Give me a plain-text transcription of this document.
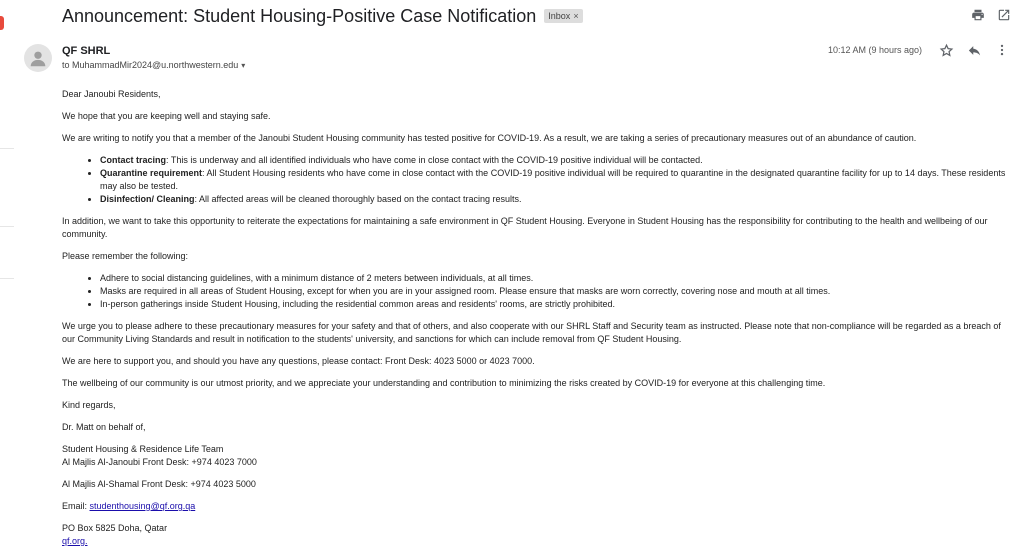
Announcement: Student Housing-Positive Case Notification Inbox ×
QF SHRL
to MuhammadMir2024@u.northwestern.edu ▾
10:12 AM (9 hours ago)

Dear Janoubi Residents,

We hope that you are keeping well and staying safe.

We are writing to notify you that a member of the Janoubi Student Housing community has tested positive for COVID-19. As a result, we are taking a series of precautionary measures out of an abundance of caution.

• Contact tracing: This is underway and all identified individuals who have come in close contact with the COVID-19 positive individual will be contacted.
• Quarantine requirement: All Student Housing residents who have come in close contact with the COVID-19 positive individual will be required to quarantine in the designated quarantine facility for up to 14 days. These residents may also be tested.
• Disinfection/ Cleaning: All affected areas will be cleaned thoroughly based on the contact tracing results.

In addition, we want to take this opportunity to reiterate the expectations for maintaining a safe environment in QF Student Housing. Everyone in Student Housing has the responsibility for contributing to the health and wellbeing of our community.

Please remember the following:

• Adhere to social distancing guidelines, with a minimum distance of 2 meters between individuals, at all times.
• Masks are required in all areas of Student Housing, except for when you are in your assigned room. Please ensure that masks are worn correctly, covering nose and mouth at all times.
• In-person gatherings inside Student Housing, including the residential common areas and residents' rooms, are strictly prohibited.

We urge you to please adhere to these precautionary measures for your safety and that of others, and also cooperate with our SHRL Staff and Security team as instructed. Please note that non-compliance will be regarded as a breach of our Community Living Standards and result in notification to the students' university, and sanctions for which can include removal from QF Student Housing.

We are here to support you, and should you have any questions, please contact: Front Desk: 4023 5000 or 4023 7000.

The wellbeing of our community is our utmost priority, and we appreciate your understanding and contribution to minimizing the risks created by COVID-19 for everyone at this challenging time.

Kind regards,

Dr. Matt on behalf of,

Student Housing & Residence Life Team

Al Majlis Al-Janoubi Front Desk: +974 4023 7000

Al Majlis Al-Shamal Front Desk: +974 4023 5000

Email: studenthousing@qf.org.qa

PO Box 5825 Doha, Qatar

qf.org.
